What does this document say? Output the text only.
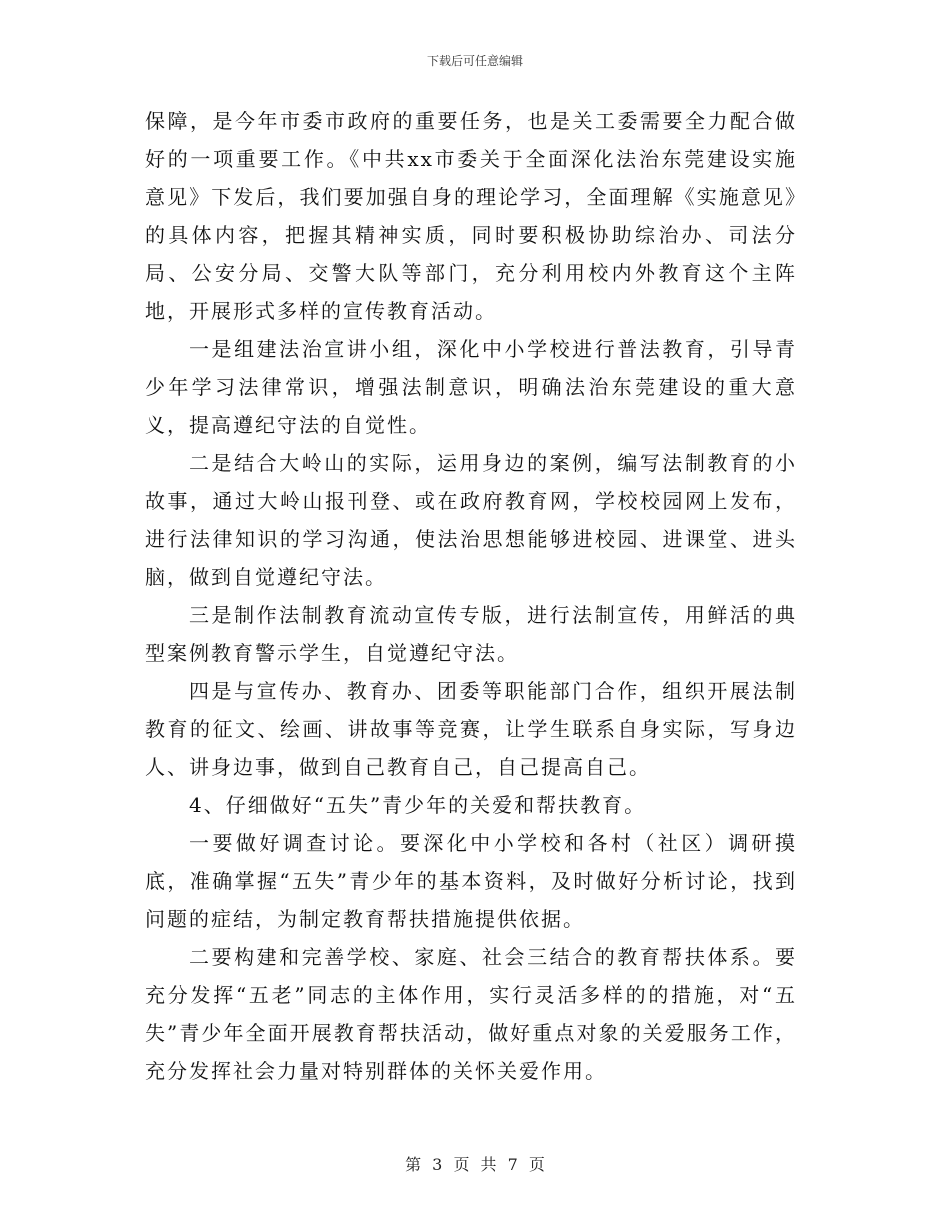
下载后可任意编辑

保障，是今年市委市政府的重要任务，也是关工委需要全力配合做好的一项重要工作。《中共xx市委关于全面深化法治东莞建设实施意见》下发后，我们要加强自身的理论学习，全面理解《实施意见》的具体内容，把握其精神实质，同时要积极协助综治办、司法分局、公安分局、交警大队等部门，充分利用校内外教育这个主阵地，开展形式多样的宣传教育活动。

一是组建法治宣讲小组，深化中小学校进行普法教育，引导青少年学习法律常识，增强法制意识，明确法治东莞建设的重大意义，提高遵纪守法的自觉性。

二是结合大岭山的实际，运用身边的案例，编写法制教育的小故事，通过大岭山报刊登、或在政府教育网，学校校园网上发布，进行法律知识的学习沟通，使法治思想能够进校园、进课堂、进头脑，做到自觉遵纪守法。

三是制作法制教育流动宣传专版，进行法制宣传，用鲜活的典型案例教育警示学生，自觉遵纪守法。

四是与宣传办、教育办、团委等职能部门合作，组织开展法制教育的征文、绘画、讲故事等竞赛，让学生联系自身实际，写身边人、讲身边事，做到自己教育自己，自己提高自己。

4、仔细做好“五失”青少年的关爱和帮扶教育。

一要做好调查讨论。要深化中小学校和各村（社区）调研摸底，准确掌握“五失”青少年的基本资料，及时做好分析讨论，找到问题的症结，为制定教育帮扶措施提供依据。

二要构建和完善学校、家庭、社会三结合的教育帮扶体系。要充分发挥“五老”同志的主体作用，实行灵活多样的的措施，对“五失”青少年全面开展教育帮扶活动，做好重点对象的关爱服务工作，充分发挥社会力量对特别群体的关怀关爱作用。

第 3 页 共 7 页
